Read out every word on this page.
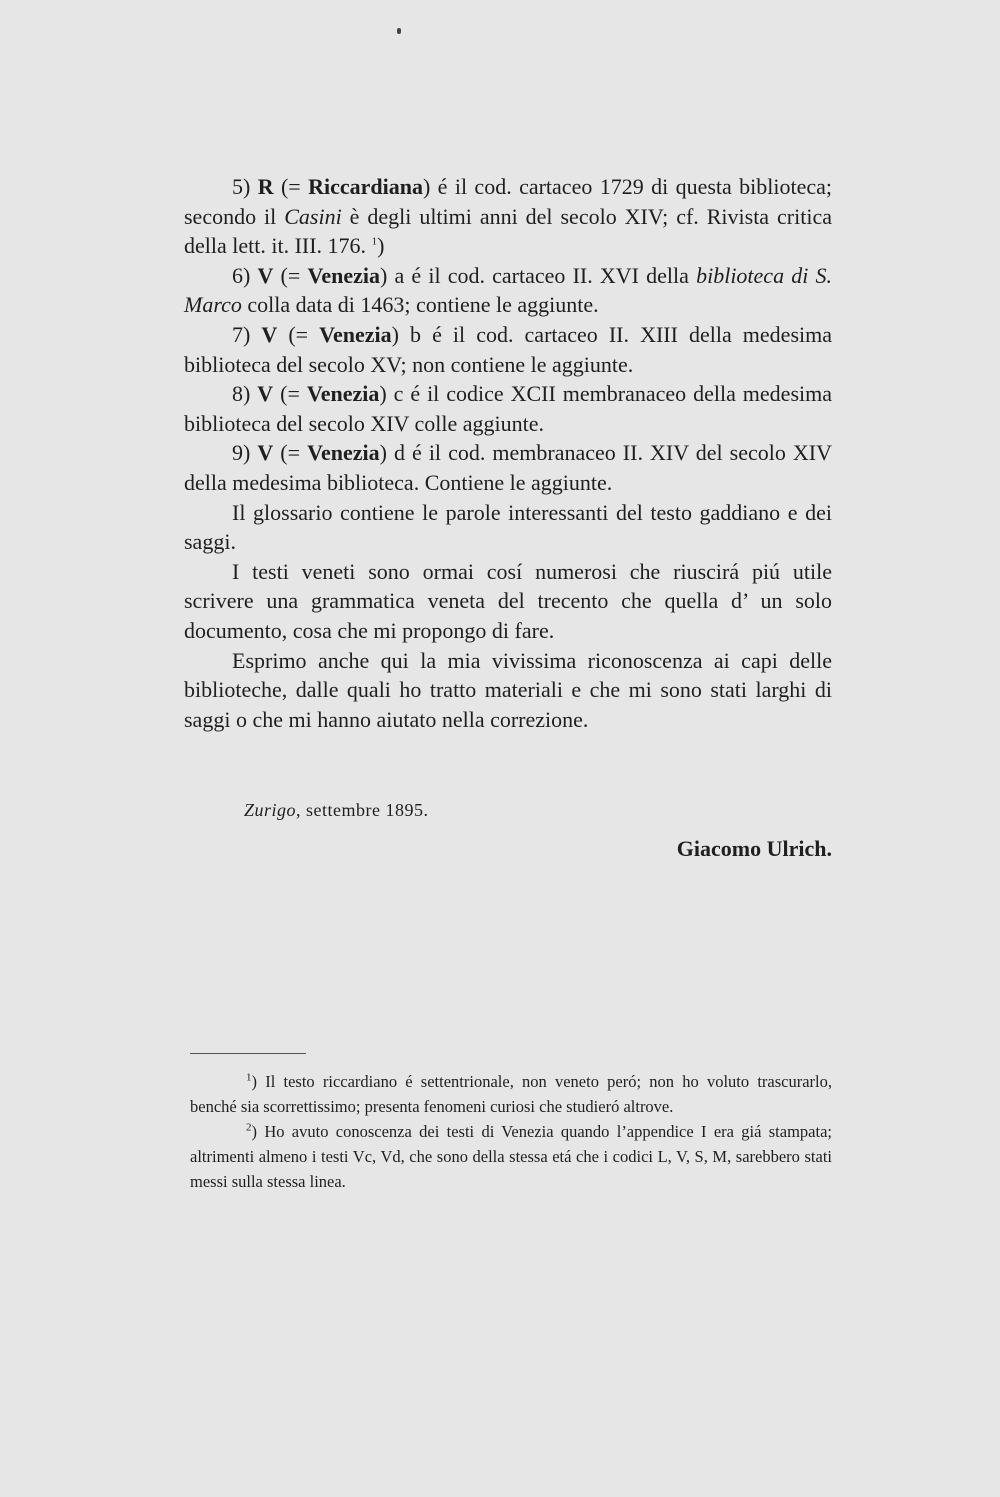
5) R (= Riccardiana) é il cod. cartaceo 1729 di questa biblioteca; secondo il Casini è degli ultimi anni del secolo XIV; cf. Rivista critica della lett. it. III. 176. $^1$)

6) V (= Venezia) a é il cod. cartaceo II. XVI della biblioteca di S. Marco colla data di 1463; contiene le aggiunte.

7) V (= Venezia) b é il cod. cartaceo II. XIII della medesima biblioteca del secolo XV; non contiene le aggiunte.

8) V (= Venezia) c é il codice XCII membranaceo della medesima biblioteca del secolo XIV colle aggiunte.

9) V (= Venezia) d é il cod. membranaceo II. XIV del secolo XIV della medesima biblioteca. Contiene le aggiunte.

Il glossario contiene le parole interessanti del testo gaddiano e dei saggi.

I testi veneti sono ormai cosí numerosi che riuscirá piú utile scrivere una grammatica veneta del trecento che quella d’ un solo documento, cosa che mi propongo di fare.

Esprimo anche qui la mia vivissima riconoscenza ai capi delle biblioteche, dalle quali ho tratto materiali e che mi sono stati larghi di saggi o che mi hanno aiutato nella correzione.

Zurigo, settembre 1895.
Giacomo Ulrich.

$^1$) Il testo riccardiano é settentrionale, non veneto peró; non ho voluto trascurarlo, benché sia scorrettissimo; presenta fenomeni curiosi che studieró altrove.

$^2$) Ho avuto conoscenza dei testi di Venezia quando l’appendice I era giá stampata; altrimenti almeno i testi Vc, Vd, che sono della stessa etá che i codici L, V, S, M, sarebbero stati messi sulla stessa linea.
